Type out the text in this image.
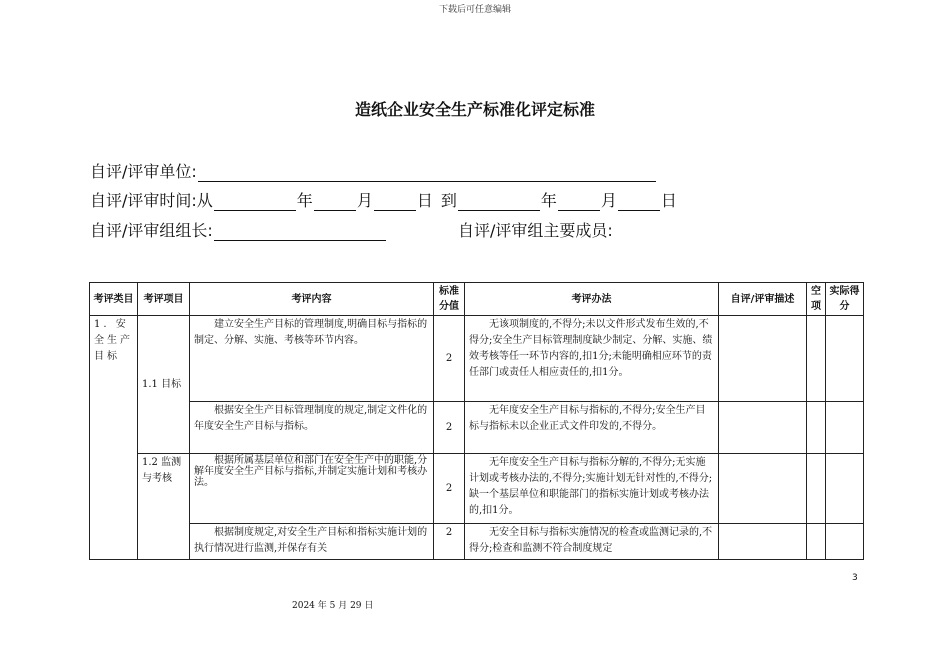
下载后可任意编辑
造纸企业安全生产标准化评定标准
自评/评审单位:
自评/评审时间:从	年	月	日 到	年	月	日
自评/评审组组长:	自评/评审组主要成员:
考评类目	考评项目	考评内容	标准分值	考评办法	自评/评审描述	空项	实际得分
1. 安全生产目标	1.1 目标	建立安全生产目标的管理制度,明确目标与指标的制定、分解、实施、考核等环节内容。	2	无该项制度的,不得分;未以文件形式发布生效的,不得分;安全生产目标管理制度缺少制定、分解、实施、绩效考核等任一环节内容的,扣1分;未能明确相应环节的责任部门或责任人相应责任的,扣1分。			
		根据安全生产目标管理制度的规定,制定文件化的年度安全生产目标与指标。	2	无年度安全生产目标与指标的,不得分;安全生产目标与指标未以企业正式文件印发的,不得分。			
	1.2 监测与考核	根据所属基层单位和部门在安全生产中的职能,分解年度安全生产目标与指标,并制定实施计划和考核办法。	2	无年度安全生产目标与指标分解的,不得分;无实施计划或考核办法的,不得分;实施计划无针对性的,不得分;缺一个基层单位和职能部门的指标实施计划或考核办法的,扣1分。			
		根据制度规定,对安全生产目标和指标实施计划的执行情况进行监测,并保存有关	2	无安全目标与指标实施情况的检查或监测记录的,不得分;检查和监测不符合制度规定			
3
2024 年 5 月 29 日
